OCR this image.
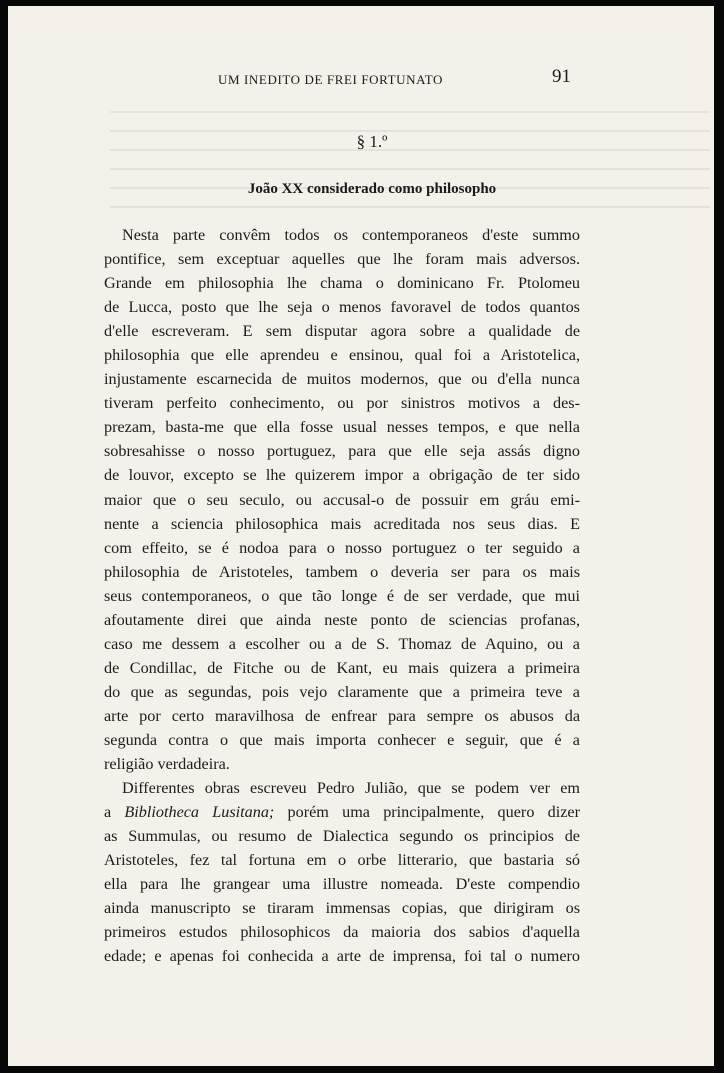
UM INEDITO DE FREI FORTUNATO	91
§ 1.º
João XX considerado como philosopho
Nesta parte convêm todos os contemporaneos d'este summo
pontifice, sem exceptuar aquelles que lhe foram mais adversos.
Grande em philosophia lhe chama o dominicano Fr. Ptolomeu
de Lucca, posto que lhe seja o menos favoravel de todos quantos
d'elle escreveram. E sem disputar agora sobre a qualidade de
philosophia que elle aprendeu e ensinou, qual foi a Aristotelica,
injustamente escarnecida de muitos modernos, que ou d'ella nunca
tiveram perfeito conhecimento, ou por sinistros motivos a des-
prezam, basta-me que ella fosse usual nesses tempos, e que nella
sobresahisse o nosso portuguez, para que elle seja assás digno
de louvor, excepto se lhe quizerem impor a obrigação de ter sido
maior que o seu seculo, ou accusal-o de possuir em gráu emi-
nente a sciencia philosophica mais acreditada nos seus dias. E
com effeito, se é nodoa para o nosso portuguez o ter seguido a
philosophia de Aristoteles, tambem o deveria ser para os mais
seus contemporaneos, o que tão longe é de ser verdade, que mui
afoutamente direi que ainda neste ponto de sciencias profanas,
caso me dessem a escolher ou a de S. Thomaz de Aquino, ou a
de Condillac, de Fitche ou de Kant, eu mais quizera a primeira
do que as segundas, pois vejo claramente que a primeira teve a
arte por certo maravilhosa de enfrear para sempre os abusos da
segunda contra o que mais importa conhecer e seguir, que é a
religião verdadeira.
Differentes obras escreveu Pedro Julião, que se podem ver em
a Bibliotheca Lusitana; porém uma principalmente, quero dizer
as Summulas, ou resumo de Dialectica segundo os principios de
Aristoteles, fez tal fortuna em o orbe litterario, que bastaria só
ella para lhe grangear uma illustre nomeada. D'este compendio
ainda manuscripto se tiraram immensas copias, que dirigiram os
primeiros estudos philosophicos da maioria dos sabios d'aquella
edade; e apenas foi conhecida a arte de imprensa, foi tal o numero
